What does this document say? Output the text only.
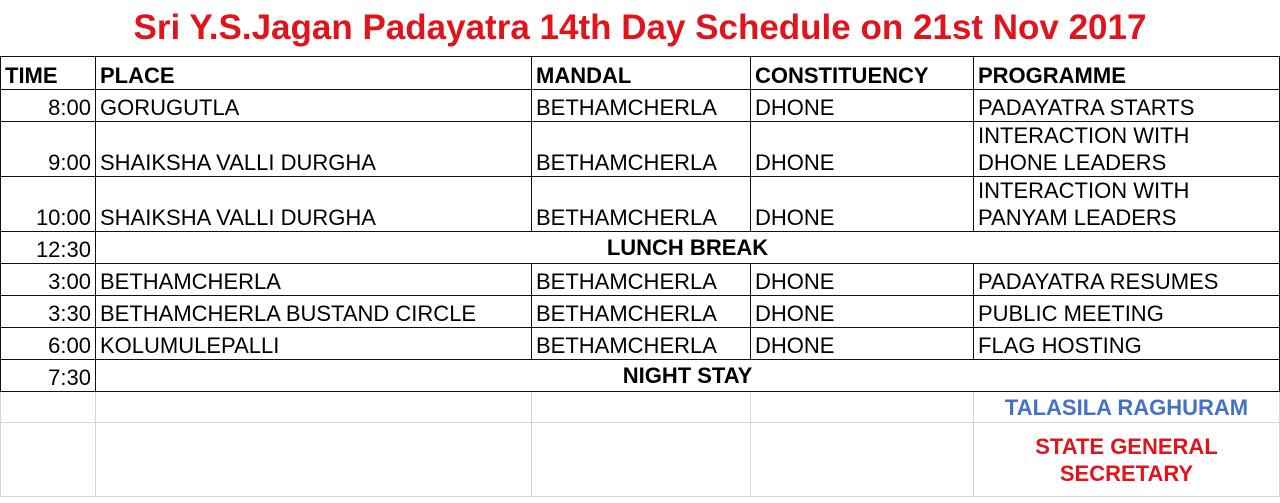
Sri Y.S.Jagan Padayatra 14th Day Schedule on 21st Nov 2017
TIME	PLACE	MANDAL	CONSTITUENCY	PROGRAMME
8:00	GORUGUTLA	BETHAMCHERLA	DHONE	PADAYATRA STARTS
9:00	SHAIKSHA VALLI DURGHA	BETHAMCHERLA	DHONE	INTERACTION WITH
DHONE LEADERS

10:00	SHAIKSHA VALLI DURGHA	BETHAMCHERLA	DHONE	INTERACTION WITH
PANYAM LEADERS

12:30	LUNCH BREAK			
3:00	BETHAMCHERLA	BETHAMCHERLA	DHONE	PADAYATRA RESUMES
3:30	BETHAMCHERLA BUSTAND CIRCLE	BETHAMCHERLA	DHONE	PUBLIC MEETING
6:00	KOLUMULEPALLI	BETHAMCHERLA	DHONE	FLAG HOSTING
7:30	NIGHT STAY			
				TALASILA RAGHURAM

				STATE GENERAL SECRETARY
